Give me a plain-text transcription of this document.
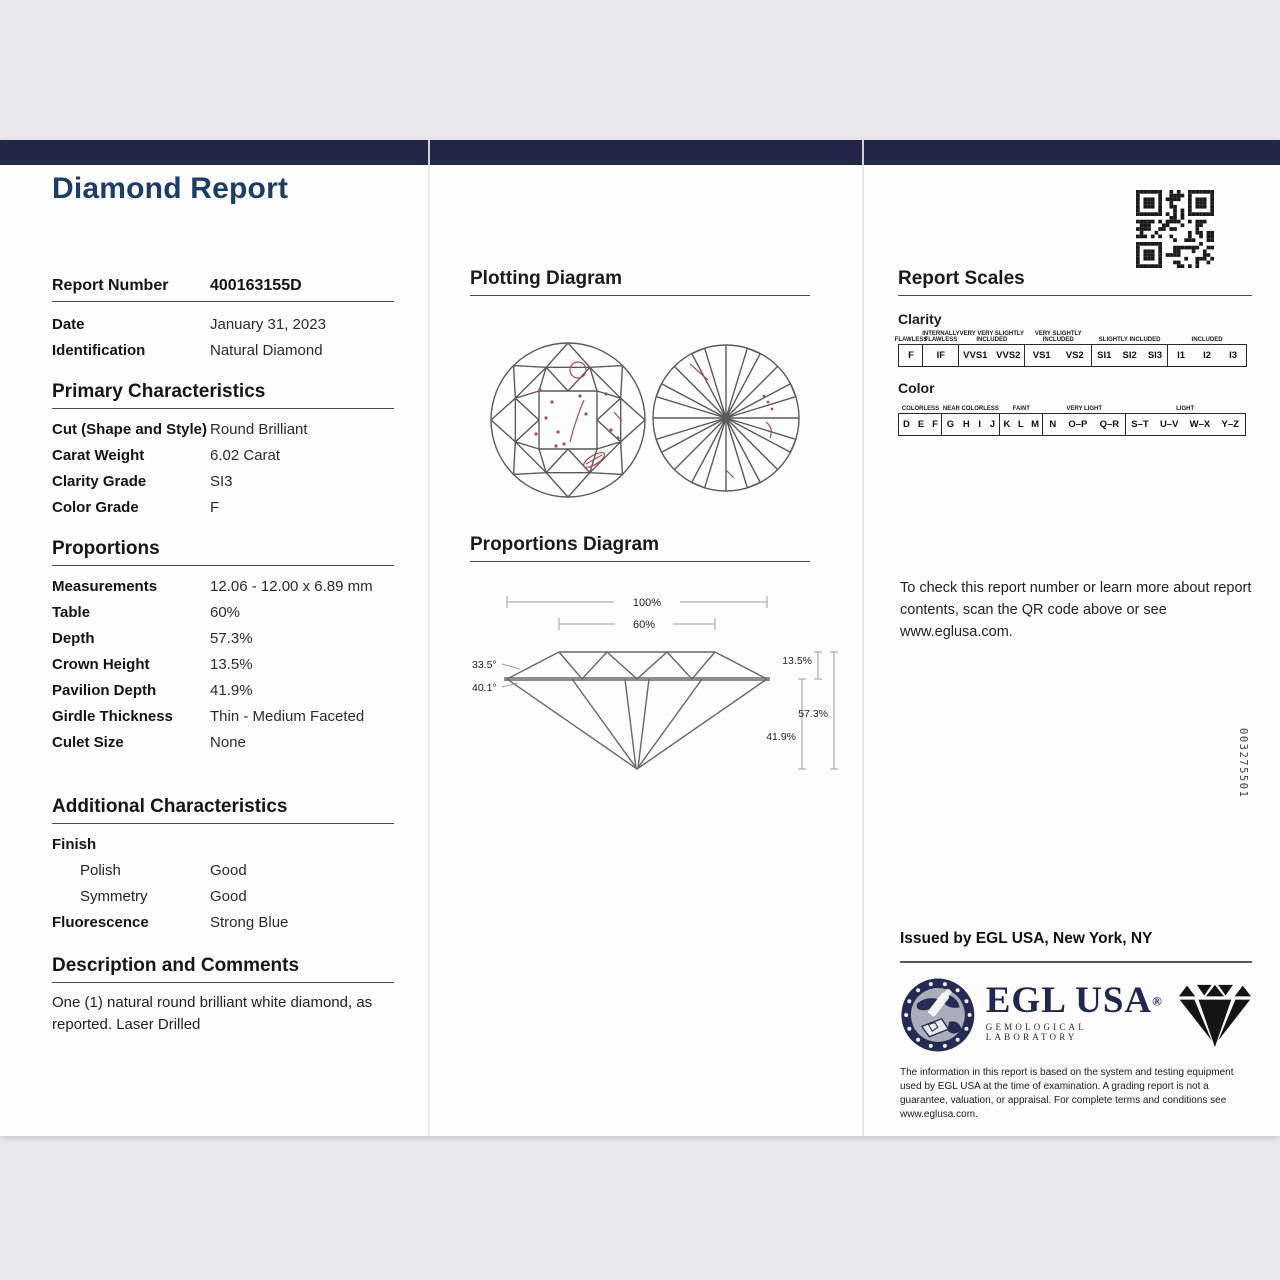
Diamond Report
Report Number	400163155D
Date	January 31, 2023
Identification	Natural Diamond
Primary Characteristics
Cut (Shape and Style) Round Brilliant
Carat Weight	6.02 Carat
Clarity Grade	SI3
Color Grade	F
Proportions
Measurements	12.06 - 12.00 x 6.89 mm
Table	60%
Depth	57.3%
Crown Height	13.5%
Pavilion Depth	41.9%
Girdle Thickness Thin - Medium Faceted
Culet Size	None
Additional Characteristics
Finish
Polish	Good
Symmetry	Good
Fluorescence	Strong Blue
Description and Comments
One (1) natural round brilliant white diamond, as reported. Laser Drilled
Plotting Diagram
Proportions Diagram
100%
60%
13.5%
57.3%
41.9%
33.5°
40.1°
Report Scales
Clarity
FLAWLESS
F
INTERNALLY FLAWLESS
IF
VERY VERY SLIGHTLY INCLUDED
VVS1 VVS2
VERY SLIGHTLY INCLUDED
VS1 VS2
SLIGHTLY INCLUDED
SI1 SI2 SI3
INCLUDED
I1 I2 I3
Color
COLORLESS
D E F
NEAR COLORLESS
G H I J
FAINT
K L M
VERY LIGHT
N O–P Q–R
LIGHT
S–T U–V W–X Y–Z
To check this report number or learn more about report contents, scan the QR code above or see www.eglusa.com.
003275501
Issued by EGL USA, New York, NY
EGL USA®
GEMOLOGICAL LABORATORY
The information in this report is based on the system and testing equipment used by EGL USA at the time of examination. A grading report is not a guarantee, valuation, or appraisal. For complete terms and conditions see www.eglusa.com.
